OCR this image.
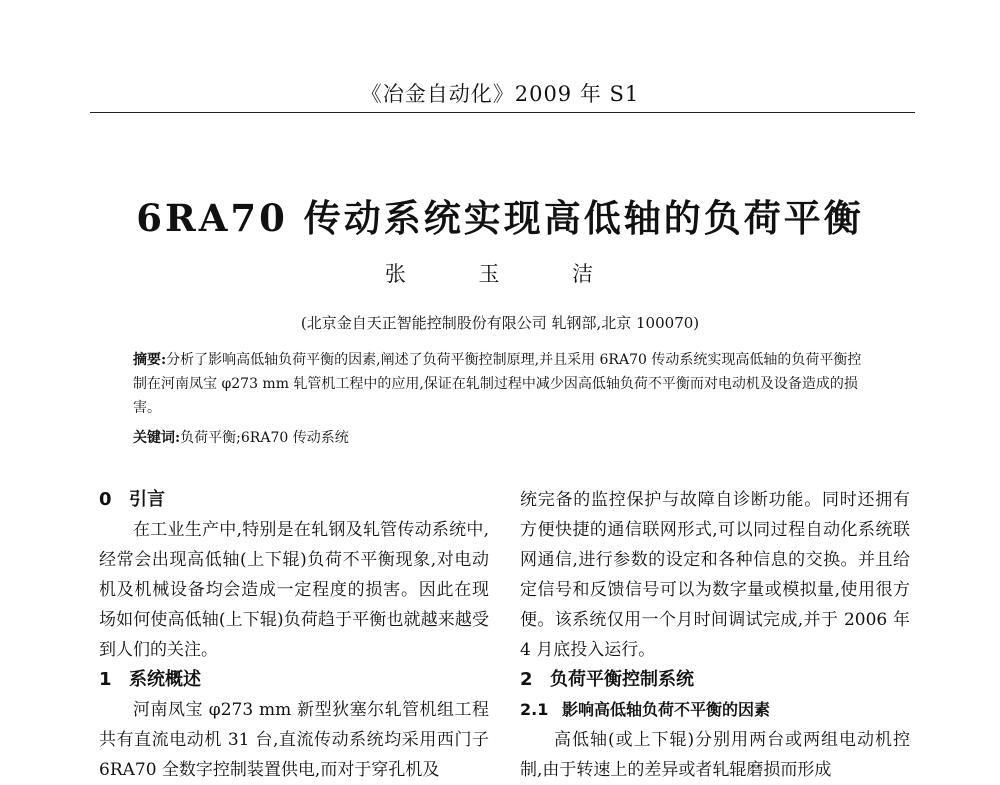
《冶金自动化》2009 年 S1
6RA70 传动系统实现高低轴的负荷平衡
张 玉 洁
(北京金自天正智能控制股份有限公司 轧钢部,北京 100070)
摘要:分析了影响高低轴负荷平衡的因素,阐述了负荷平衡控制原理,并且采用 6RA70 传动系统实现高低轴的负荷平衡控制在河南凤宝 φ273 mm 轧管机工程中的应用,保证在轧制过程中减少因高低轴负荷不平衡而对电动机及设备造成的损害。
关键词:负荷平衡;6RA70 传动系统
0 引言

在工业生产中,特别是在轧钢及轧管传动系统中,经常会出现高低轴(上下辊)负荷不平衡现象,对电动机及机械设备均会造成一定程度的损害。因此在现场如何使高低轴(上下辊)负荷趋于平衡也就越来越受到人们的关注。

1 系统概述

河南凤宝 φ273 mm 新型狄塞尔轧管机组工程共有直流电动机 31 台,直流传动系统均采用西门子 6RA70 全数字控制装置供电,而对于穿孔机及

统完备的监控保护与故障自诊断功能。同时还拥有方便快捷的通信联网形式,可以同过程自动化系统联网通信,进行参数的设定和各种信息的交换。并且给定信号和反馈信号可以为数字量或模拟量,使用很方便。该系统仅用一个月时间调试完成,并于 2006 年 4 月底投入运行。

2 负荷平衡控制系统
2.1 影响高低轴负荷不平衡的因素

高低轴(或上下辊)分别用两台或两组电动机控制,由于转速上的差异或者轧辊磨损而形成
